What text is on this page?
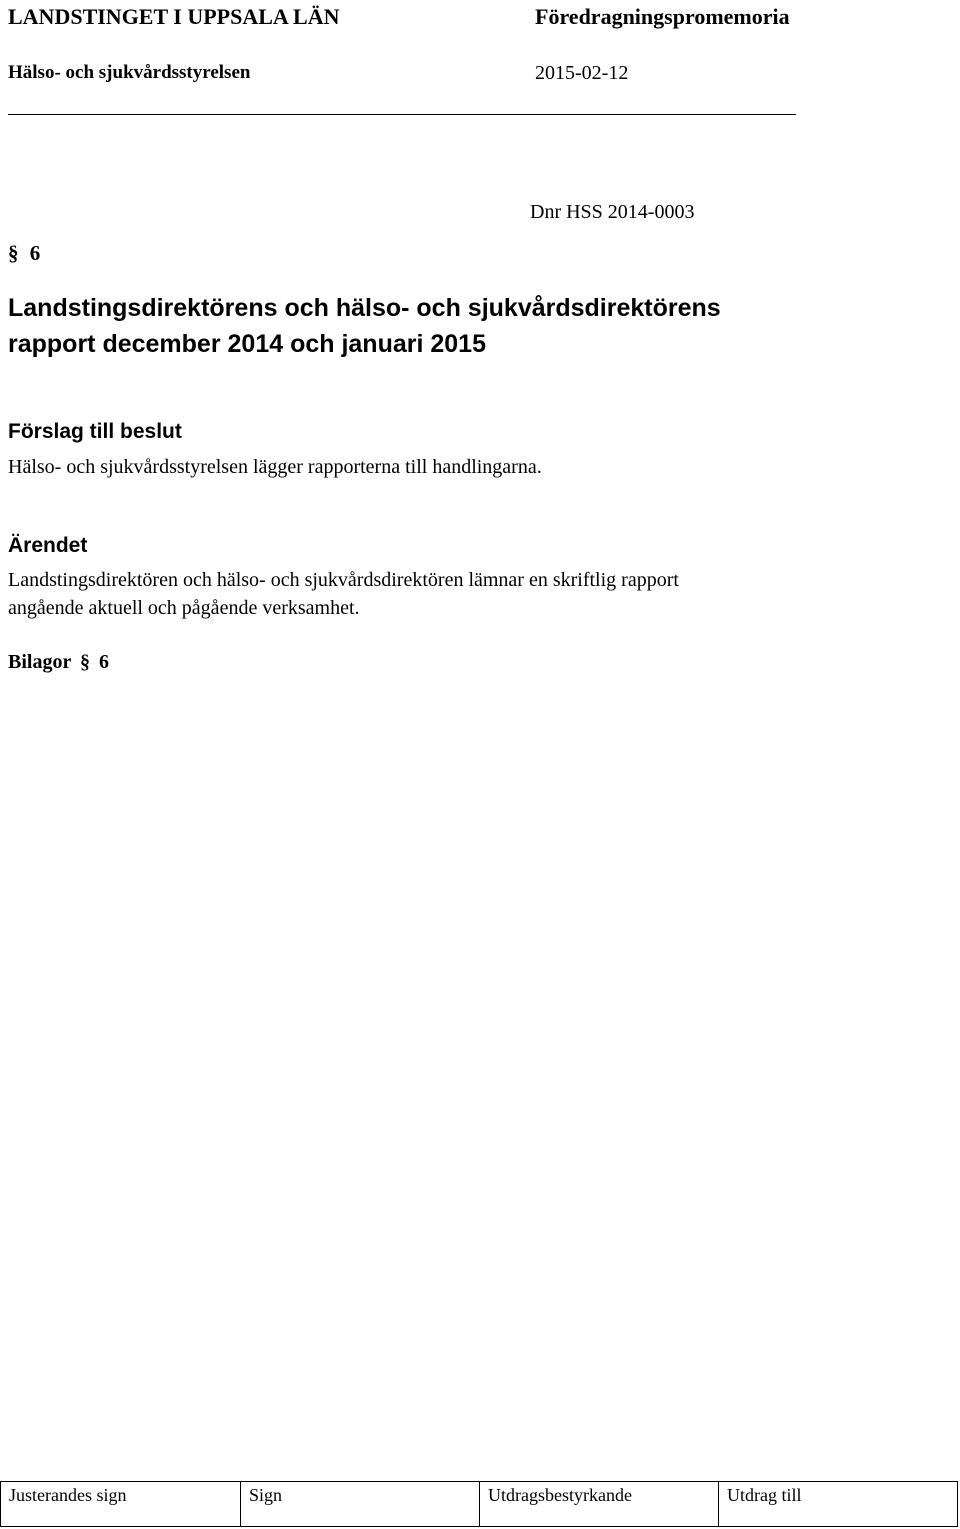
LANDSTINGET I UPPSALA LÄN	Föredragningspromemoria
Hälso- och sjukvårdsstyrelsen	2015-02-12
Dnr HSS 2014-0003
§ 6
Landstingsdirektörens och hälso- och sjukvårdsdirektörens
rapport december 2014 och januari 2015
Förslag till beslut
Hälso- och sjukvårdsstyrelsen lägger rapporterna till handlingarna.
Ärendet
Landstingsdirektören och hälso- och sjukvårdsdirektören lämnar en skriftlig rapport
angående aktuell och pågående verksamhet.
Bilagor § 6
Justerandes sign	Sign	Utdragsbestyrkande	Utdrag till
